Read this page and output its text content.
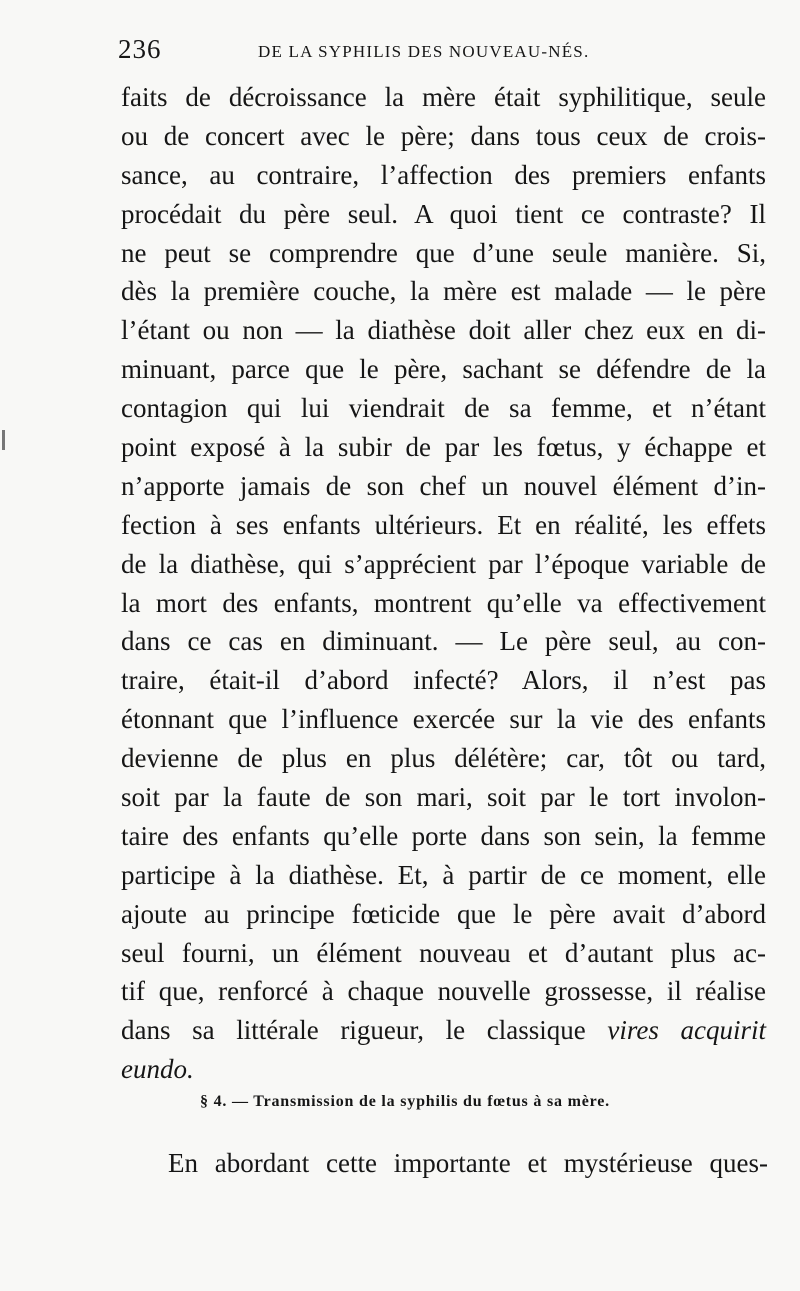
236	DE LA SYPHILIS DES NOUVEAU-NÉS.
faits de décroissance la mère était syphilitique, seule
ou de concert avec le père; dans tous ceux de crois-
sance, au contraire, l’affection des premiers enfants
procédait du père seul. A quoi tient ce contraste? Il
ne peut se comprendre que d’une seule manière. Si,
dès la première couche, la mère est malade — le père
l’étant ou non — la diathèse doit aller chez eux en di-
minuant, parce que le père, sachant se défendre de la
contagion qui lui viendrait de sa femme, et n’étant
point exposé à la subir de par les fœtus, y échappe et
n’apporte jamais de son chef un nouvel élément d’in-
fection à ses enfants ultérieurs. Et en réalité, les effets
de la diathèse, qui s’apprécient par l’époque variable de
la mort des enfants, montrent qu’elle va effectivement
dans ce cas en diminuant. — Le père seul, au con-
traire, était-il d’abord infecté? Alors, il n’est pas
étonnant que l’influence exercée sur la vie des enfants
devienne de plus en plus délétère; car, tôt ou tard,
soit par la faute de son mari, soit par le tort involon-
taire des enfants qu’elle porte dans son sein, la femme
participe à la diathèse. Et, à partir de ce moment, elle
ajoute au principe fœticide que le père avait d’abord
seul fourni, un élément nouveau et d’autant plus ac-
tif que, renforcé à chaque nouvelle grossesse, il réalise
dans sa littérale rigueur, le classique vires acquirit
eundo.
§ 4. — Transmission de la syphilis du fœtus à sa mère.
En abordant cette importante et mystérieuse ques-
